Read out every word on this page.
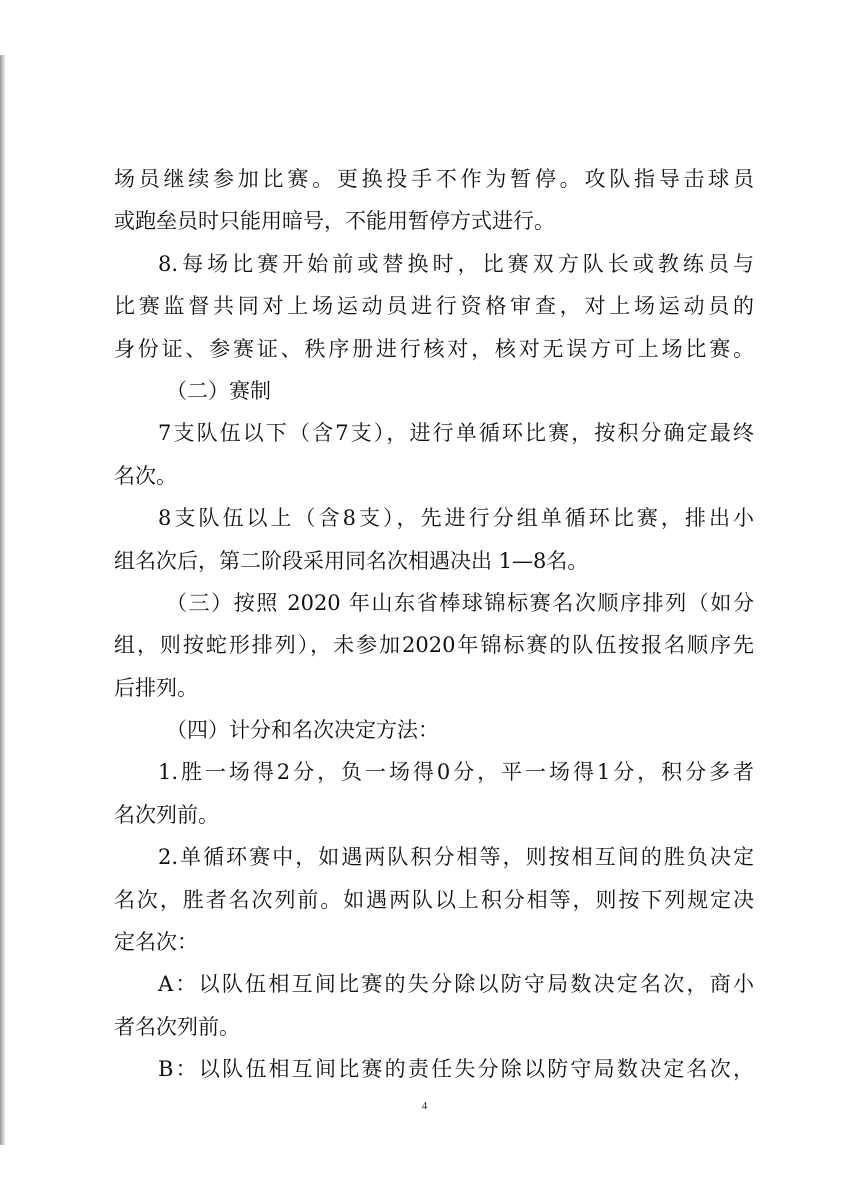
场员继续参加比赛。更换投手不作为暂停。攻队指导击球员
或跑垒员时只能用暗号，不能用暂停方式进行。
8.每场比赛开始前或替换时，比赛双方队长或教练员与
比赛监督共同对上场运动员进行资格审查，对上场运动员的
身份证、参赛证、秩序册进行核对，核对无误方可上场比赛。
（二）赛制
7支队伍以下（含7支），进行单循环比赛，按积分确定最终
名次。
8支队伍以上（含8支），先进行分组单循环比赛，排出小
组名次后，第二阶段采用同名次相遇决出 1—8名。
（三）按照 2020 年山东省棒球锦标赛名次顺序排列（如分
组，则按蛇形排列），未参加2020年锦标赛的队伍按报名顺序先
后排列。
（四）计分和名次决定方法：
1.胜一场得2分，负一场得0分，平一场得1分，积分多者
名次列前。
2.单循环赛中，如遇两队积分相等，则按相互间的胜负决定
名次，胜者名次列前。如遇两队以上积分相等，则按下列规定决
定名次：
A：以队伍相互间比赛的失分除以防守局数决定名次，商小
者名次列前。
B：以队伍相互间比赛的责任失分除以防守局数决定名次，
4
